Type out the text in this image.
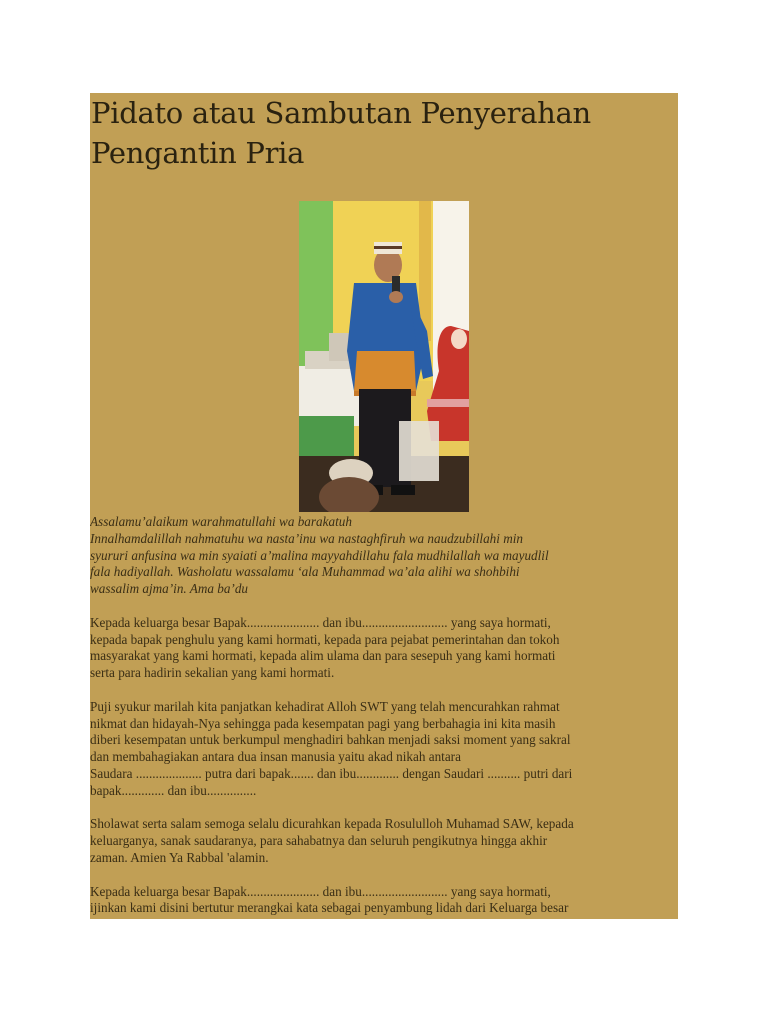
Pidato atau Sambutan Penyerahan
Pengantin Pria

Assalamu’alaikum warahmatullahi wa barakatuh
Innalhamdalillah nahmatuhu wa nasta’inu wa nastaghfiruh wa naudzubillahi min
syururi anfusina wa min syaiati a’malina mayyahdillahu fala mudhilallah wa mayudlil
fala hadiyallah. Washolatu wassalamu ‘ala Muhammad wa’ala alihi wa shohbihi
wassalim ajma’in. Ama ba’du

Kepada keluarga besar Bapak...................... dan ibu.......................... yang saya hormati,
kepada bapak penghulu yang kami hormati, kepada para pejabat pemerintahan dan tokoh
masyarakat yang kami hormati, kepada alim ulama dan para sesepuh yang kami hormati
serta para hadirin sekalian yang kami hormati.

Puji syukur marilah kita panjatkan kehadirat Alloh SWT yang telah mencurahkan rahmat
nikmat dan hidayah-Nya sehingga pada kesempatan pagi yang berbahagia ini kita masih
diberi kesempatan untuk berkumpul menghadiri bahkan menjadi saksi moment yang sakral
dan membahagiakan antara dua insan manusia yaitu akad nikah antara
Saudara .................... putra dari bapak....... dan ibu............. dengan Saudari .......... putri dari
bapak............. dan ibu...............

Sholawat serta salam semoga selalu dicurahkan kepada Rosululloh Muhamad SAW, kepada
keluarganya, sanak saudaranya, para sahabatnya dan seluruh pengikutnya hingga akhir
zaman. Amien Ya Rabbal 'alamin.

Kepada keluarga besar Bapak...................... dan ibu.......................... yang saya hormati,
ijinkan kami disini bertutur merangkai kata sebagai penyambung lidah dari Keluarga besar
